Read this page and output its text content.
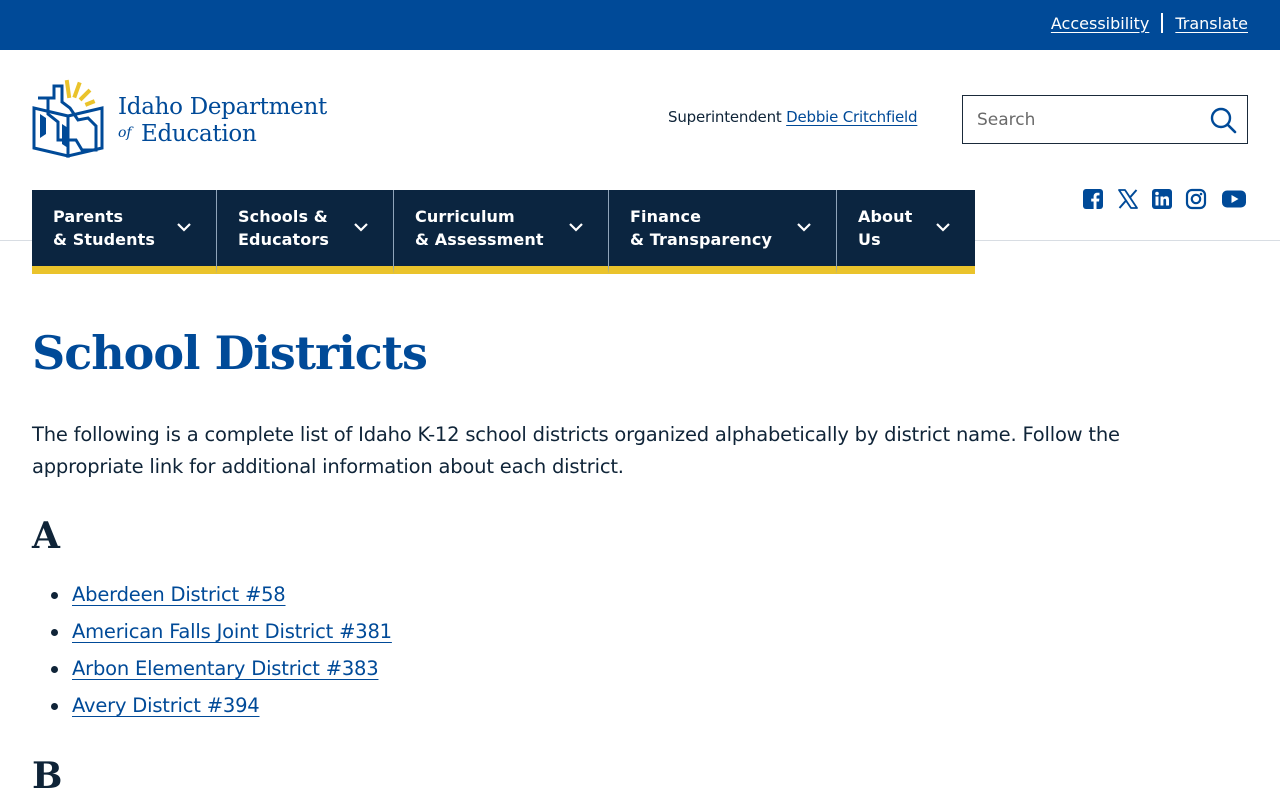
Accessibility Translate
Idaho Department
of Education
Superintendent Debbie Critchfield
Search
Parents
& Students
Schools &
Educators
Curriculum
& Assessment
Finance
& Transparency
About
Us
School Districts

The following is a complete list of Idaho K-12 school districts organized alphabetically by district name. Follow the appropriate link for additional information about each district.

A
Aberdeen District #58
American Falls Joint District #381
Arbon Elementary District #383
Avery District #394
B
